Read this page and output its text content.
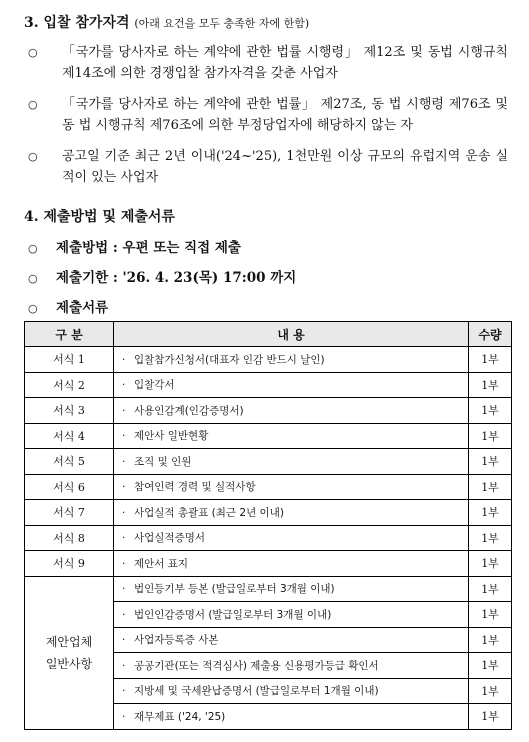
3. 입찰 참가자격 (아래 요건을 모두 충족한 자에 한함)
○ 「국가를 당사자로 하는 계약에 관한 법률 시행령」 제12조 및 동법 시행규칙 제14조에 의한 경쟁입찰 참가자격을 갖춘 사업자
○ 「국가를 당사자로 하는 계약에 관한 법률」 제27조, 동 법 시행령 제76조 및 동 법 시행규칙 제76조에 의한 부정당업자에 해당하지 않는 자
○ 공고일 기준 최근 2년 이내('24~'25), 1천만원 이상 규모의 유럽지역 운송 실적이 있는 사업자
4. 제출방법 및 제출서류
○ 제출방법 : 우편 또는 직접 제출
○ 제출기한 : '26. 4. 23(목) 17:00 까지
○ 제출서류
구 분	내 용	수량
서식 1	· 입찰참가신청서(대표자 인감 반드시 날인)	1부
서식 2	· 입찰각서	1부
서식 3	· 사용인감계(인감증명서)	1부
서식 4	· 제안사 일반현황	1부
서식 5	· 조직 및 인원	1부
서식 6	· 참여인력 경력 및 실적사항	1부
서식 7	· 사업실적 총괄표 (최근 2년 이내)	1부
서식 8	· 사업실적증명서	1부
서식 9	· 제안서 표지	1부
제안업체
일반사항	· 법인등기부 등본 (발급일로부터 3개월 이내)	1부
	· 법인인감증명서 (발급일로부터 3개월 이내)	1부
	· 사업자등록증 사본	1부
	· 공공기관(또는 적격심사) 제출용 신용평가등급 확인서	1부
	· 지방세 및 국세완납증명서 (발급일로부터 1개월 이내)	1부
	· 재무제표 ('24, '25)	1부
